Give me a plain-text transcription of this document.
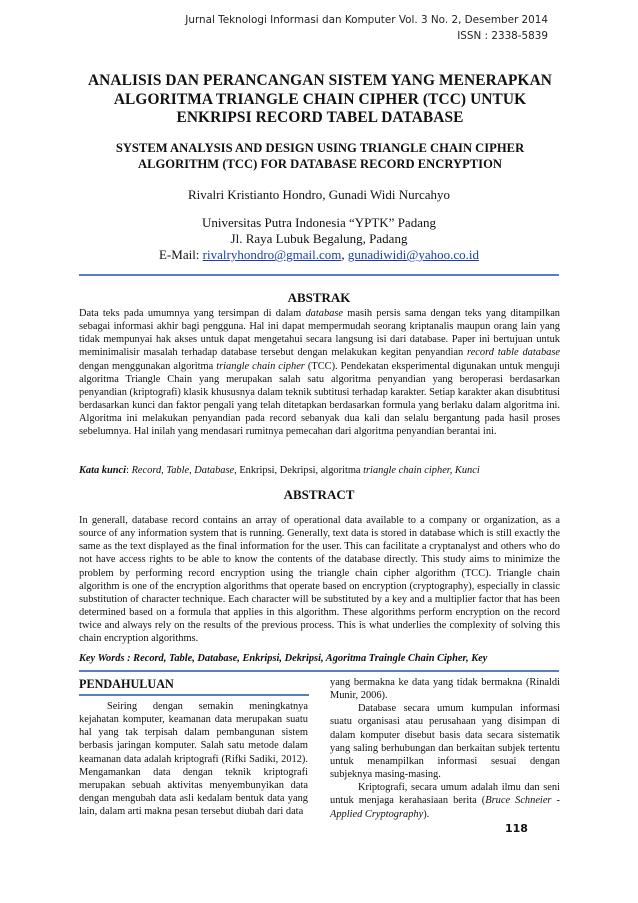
Jurnal Teknologi Informasi dan Komputer Vol. 3 No. 2, Desember 2014
ISSN : 2338-5839
ANALISIS DAN PERANCANGAN SISTEM YANG MENERAPKAN
ALGORITMA TRIANGLE CHAIN CIPHER (TCC) UNTUK
ENKRIPSI RECORD TABEL DATABASE
SYSTEM ANALYSIS AND DESIGN USING TRIANGLE CHAIN CIPHER
ALGORITHM (TCC) FOR DATABASE RECORD ENCRYPTION
Rivalri Kristianto Hondro, Gunadi Widi Nurcahyo
Universitas Putra Indonesia “YPTK” Padang
Jl. Raya Lubuk Begalung, Padang
E-Mail: rivalryhondro@gmail.com, gunadiwidi@yahoo.co.id
ABSTRAK
Data teks pada umumnya yang tersimpan di dalam database masih persis sama dengan teks yang ditampilkan sebagai informasi akhir bagi pengguna. Hal ini dapat mempermudah seorang kriptanalis maupun orang lain yang tidak mempunyai hak akses untuk dapat mengetahui secara langsung isi dari database. Paper ini bertujuan untuk meminimalisir masalah terhadap database tersebut dengan melakukan kegitan penyandian record table database dengan menggunakan algoritma triangle chain cipher (TCC). Pendekatan eksperimental digunakan untuk menguji algoritma Triangle Chain yang merupakan salah satu algoritma penyandian yang beroperasi berdasarkan penyandian (kriptografi) klasik khususnya dalam teknik subtitusi terhadap karakter. Setiap karakter akan disubtitusi berdasarkan kunci dan faktor pengali yang telah ditetapkan berdasarkan formula yang berlaku dalam algoritma ini. Algoritma ini melakukan penyandian pada record sebanyak dua kali dan selalu bergantung pada hasil proses sebelumnya. Hal inilah yang mendasari rumitnya pemecahan dari algoritma penyandian berantai ini.
Kata kunci: Record, Table, Database, Enkripsi, Dekripsi, algoritma triangle chain cipher, Kunci
ABSTRACT
In generall, database record contains an array of operational data available to a company or organization, as a source of any information system that is running. Generally, text data is stored in database which is still exactly the same as the text displayed as the final information for the user. This can facilitate a cryptanalyst and others who do not have access rights to be able to know the contents of the database directly. This study aims to minimize the problem by performing record encryption using the triangle chain cipher algorithm (TCC). Triangle chain algorithm is one of the encryption algorithms that operate based on encryption (cryptography), especially in classic substitution of character technique. Each character will be substituted by a key and a multiplier factor that has been determined based on a formula that applies in this algorithm. These algorithms perform encryption on the record twice and always rely on the results of the previous process. This is what underlies the complexity of solving this chain encryption algorithms.
Key Words : Record, Table, Database, Enkripsi, Dekripsi, Agoritma Traingle Chain Cipher, Key
PENDAHULUAN

Seiring dengan semakin meningkatnya kejahatan komputer, keamanan data merupakan suatu hal yang tak terpisah dalam pembangunan sistem berbasis jaringan komputer. Salah satu metode dalam keamanan data adalah kriptografi (Rifki Sadiki, 2012). Mengamankan data dengan teknik kriptografi merupakan sebuah aktivitas menyembunyikan data dengan mengubah data asli kedalam bentuk data yang lain, dalam arti makna pesan tersebut diubah dari data

yang bermakna ke data yang tidak bermakna (Rinaldi Munir, 2006).

Database secara umum kumpulan informasi suatu organisasi atau perusahaan yang disimpan di dalam komputer disebut basis data secara sistematik yang saling berhubungan dan berkaitan subjek tertentu untuk menampilkan informasi sesuai dengan subjeknya masing-masing.

Kriptografi, secara umum adalah ilmu dan seni untuk menjaga kerahasiaan berita (Bruce Schneier - Applied Cryptography).

118
